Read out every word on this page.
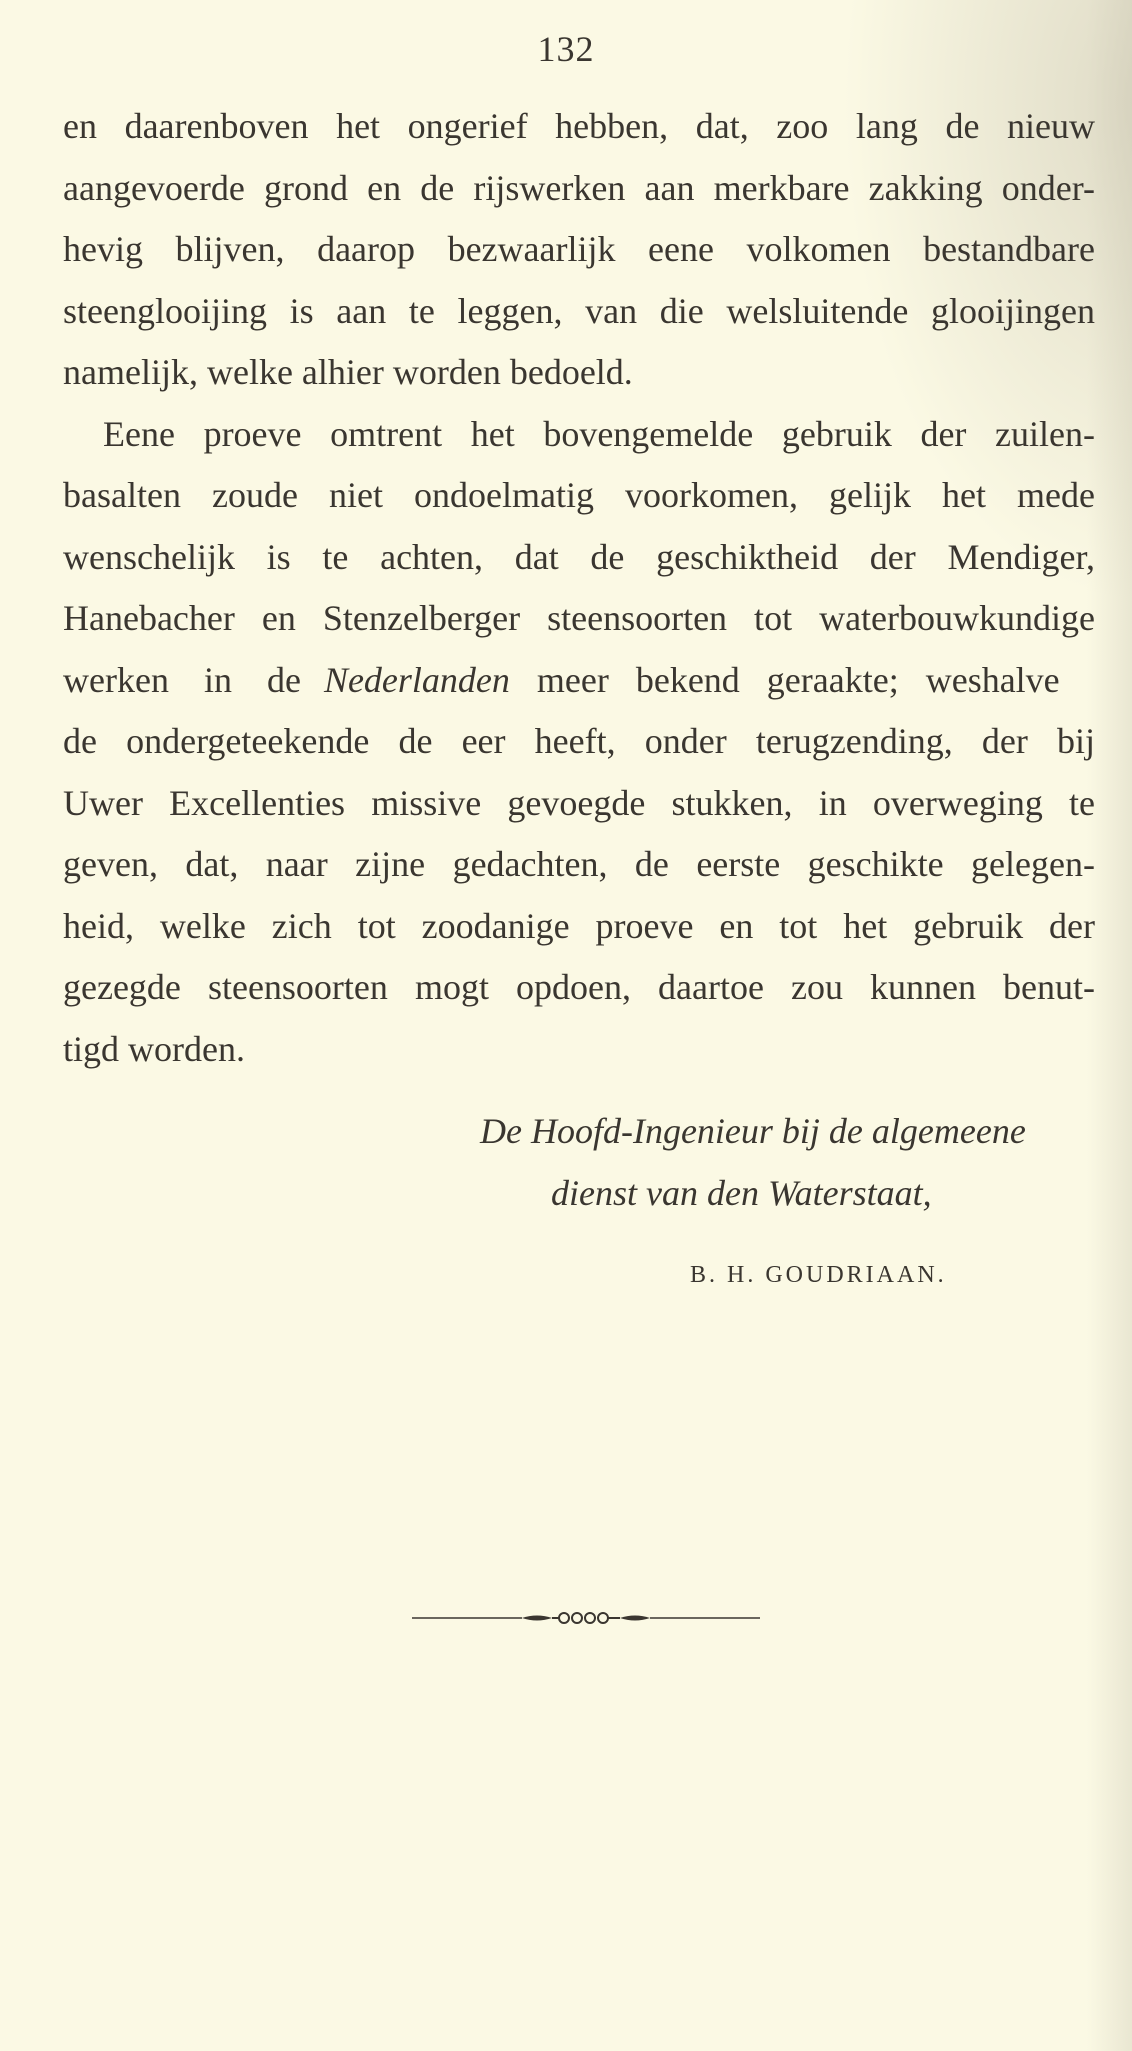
132
en daarenboven het ongerief hebben, dat, zoo lang de nieuw
aangevoerde grond en de rijswerken aan merkbare zakking onder-
hevig blijven, daarop bezwaarlijk eene volkomen bestandbare
steenglooijing is aan te leggen, van die welsluitende glooijingen
namelijk, welke alhier worden bedoeld.
Eene proeve omtrent het bovengemelde gebruik der zuilen-
basalten zoude niet ondoelmatig voorkomen, gelijk het mede
wenschelijk is te achten, dat de geschiktheid der Mendiger,
Hanebacher en Stenzelberger steensoorten tot waterbouwkundige
werken in de Nederlanden meer bekend geraakte; weshalve
de ondergeteekende de eer heeft, onder terugzending, der bij
Uwer Excellenties missive gevoegde stukken, in overweging te
geven, dat, naar zijne gedachten, de eerste geschikte gelegen-
heid, welke zich tot zoodanige proeve en tot het gebruik der
gezegde steensoorten mogt opdoen, daartoe zou kunnen benut-
tigd worden.
De Hoofd-Ingenieur bij de algemeene
dienst van den Waterstaat,
B. H. GOUDRIAAN.
